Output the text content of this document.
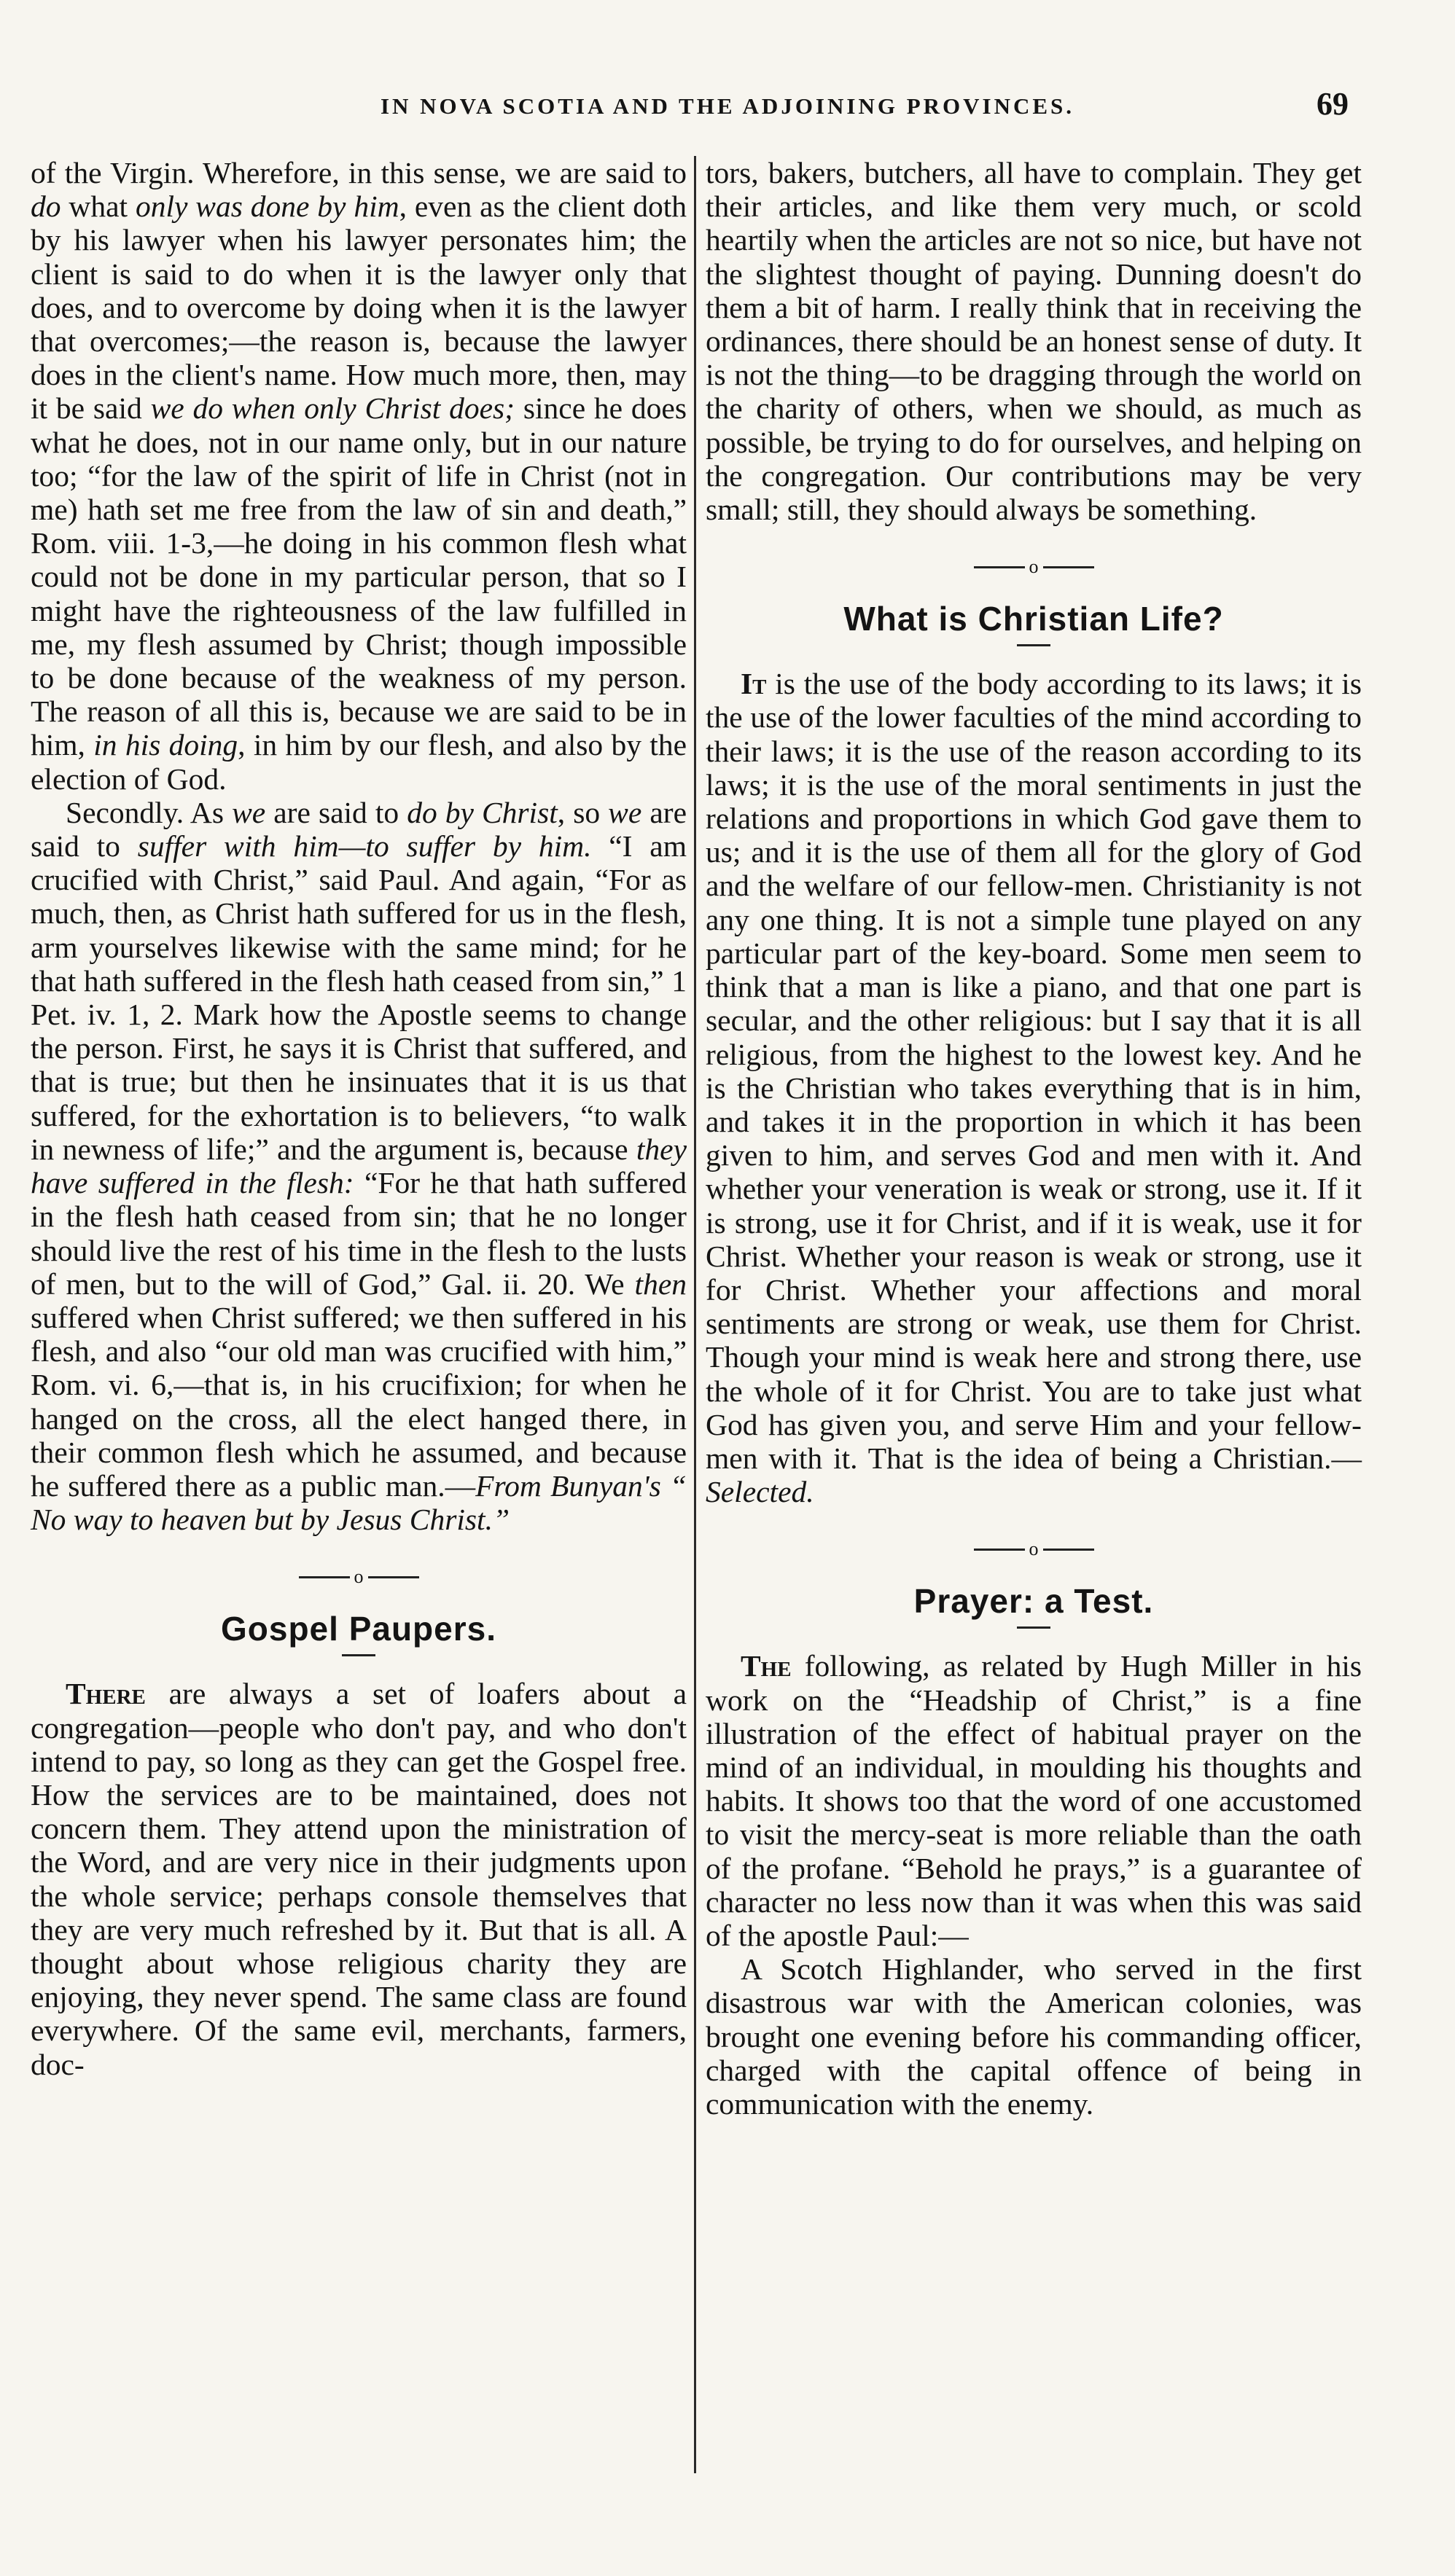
IN NOVA SCOTIA AND THE ADJOINING PROVINCES.	69

of the Virgin. Wherefore, in this sense, we are said to do what only was done by him, even as the client doth by his lawyer when his lawyer personates him; the client is said to do when it is the lawyer only that does, and to overcome by doing when it is the lawyer that overcomes;—the reason is, because the lawyer does in the client's name. How much more, then, may it be said we do when only Christ does; since he does what he does, not in our name only, but in our nature too; “for the law of the spirit of life in Christ (not in me) hath set me free from the law of sin and death,” Rom. viii. 1-3,—he doing in his common flesh what could not be done in my particular person, that so I might have the righteousness of the law fulfilled in me, my flesh assumed by Christ; though impossible to be done because of the weakness of my person. The reason of all this is, because we are said to be in him, in his doing, in him by our flesh, and also by the election of God.

Secondly. As we are said to do by Christ, so we are said to suffer with him—to suffer by him. “I am crucified with Christ,” said Paul. And again, “For as much, then, as Christ hath suffered for us in the flesh, arm yourselves likewise with the same mind; for he that hath suffered in the flesh hath ceased from sin,” 1 Pet. iv. 1, 2. Mark how the Apostle seems to change the person. First, he says it is Christ that suffered, and that is true; but then he insinuates that it is us that suffered, for the exhortation is to believers, “to walk in newness of life;” and the argument is, because they have suffered in the flesh: “For he that hath suffered in the flesh hath ceased from sin; that he no longer should live the rest of his time in the flesh to the lusts of men, but to the will of God,” Gal. ii. 20. We then suffered when Christ suffered; we then suffered in his flesh, and also “our old man was crucified with him,” Rom. vi. 6,—that is, in his crucifixion; for when he hanged on the cross, all the elect hanged there, in their common flesh which he assumed, and because he suffered there as a public man.—From Bunyan's “ No way to heaven but by Jesus Christ.”

o
Gospel Paupers.

There are always a set of loafers about a congregation—people who don't pay, and who don't intend to pay, so long as they can get the Gospel free. How the services are to be maintained, does not concern them. They attend upon the ministration of the Word, and are very nice in their judgments upon the whole service; perhaps console themselves that they are very much refreshed by it. But that is all. A thought about whose religious charity they are enjoying, they never spend. The same class are found everywhere. Of the same evil, merchants, farmers, doc-

tors, bakers, butchers, all have to complain. They get their articles, and like them very much, or scold heartily when the articles are not so nice, but have not the slightest thought of paying. Dunning doesn't do them a bit of harm. I really think that in receiving the ordinances, there should be an honest sense of duty. It is not the thing—to be dragging through the world on the charity of others, when we should, as much as possible, be trying to do for ourselves, and helping on the congregation. Our contributions may be very small; still, they should always be something.

o
What is Christian Life?

It is the use of the body according to its laws; it is the use of the lower faculties of the mind according to their laws; it is the use of the reason according to its laws; it is the use of the moral sentiments in just the relations and proportions in which God gave them to us; and it is the use of them all for the glory of God and the welfare of our fellow-men. Christianity is not any one thing. It is not a simple tune played on any particular part of the key-board. Some men seem to think that a man is like a piano, and that one part is secular, and the other religious: but I say that it is all religious, from the highest to the lowest key. And he is the Christian who takes everything that is in him, and takes it in the proportion in which it has been given to him, and serves God and men with it. And whether your veneration is weak or strong, use it. If it is strong, use it for Christ, and if it is weak, use it for Christ. Whether your reason is weak or strong, use it for Christ. Whether your affections and moral sentiments are strong or weak, use them for Christ. Though your mind is weak here and strong there, use the whole of it for Christ. You are to take just what God has given you, and serve Him and your fellow-men with it. That is the idea of being a Christian.—Selected.

o
Prayer: a Test.

The following, as related by Hugh Miller in his work on the “Headship of Christ,” is a fine illustration of the effect of habitual prayer on the mind of an individual, in moulding his thoughts and habits. It shows too that the word of one accustomed to visit the mercy-seat is more reliable than the oath of the profane. “Behold he prays,” is a guarantee of character no less now than it was when this was said of the apostle Paul:—

A Scotch Highlander, who served in the first disastrous war with the American colonies, was brought one evening before his commanding officer, charged with the capital offence of being in communication with the enemy.
